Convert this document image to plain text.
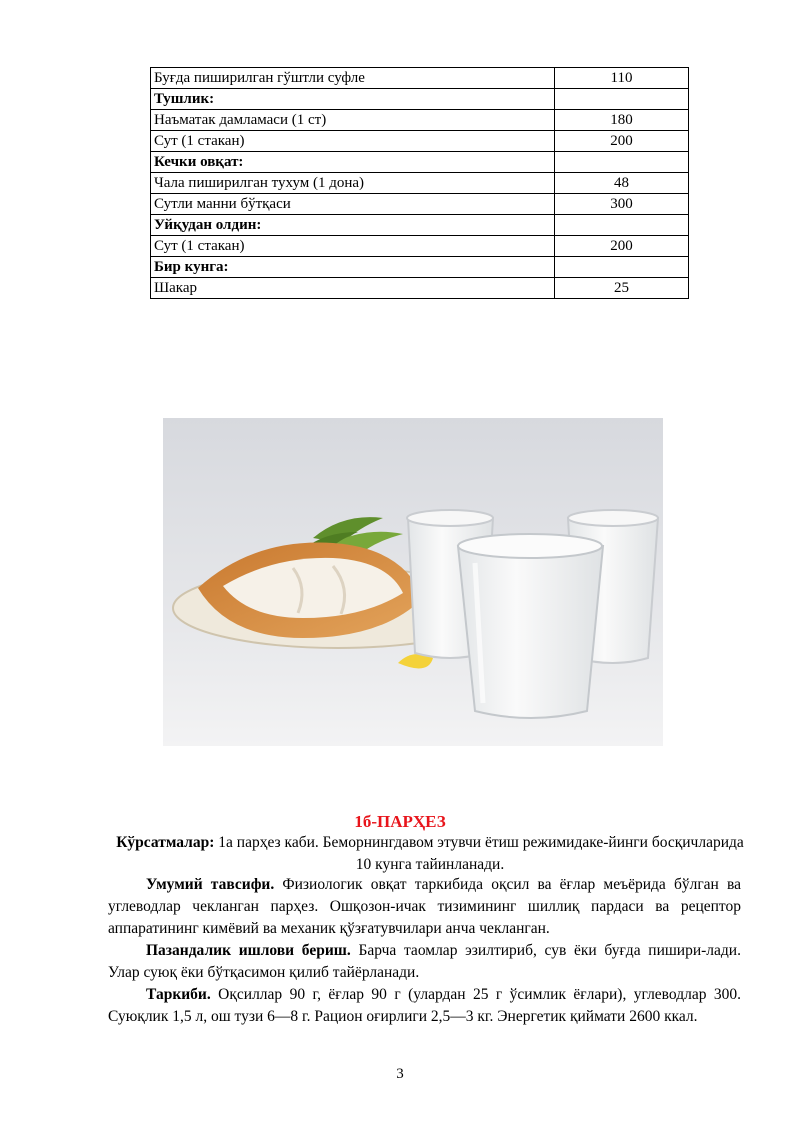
Буғда пиширилган гўштли суфле	110
Тушлик:	
Наъматак дамламаси (1 ст)	180
Сут (1 стакан)	200
Кечки овқат:	
Чала пиширилган тухум (1 дона)	48
Сутли манни бўтқаси	300
Уйқудан олдин:	
Сут (1 стакан)	200
Бир кунга:	
Шакар	25
1б-ПАРҲЕЗ
Кўрсатмалар: 1а парҳез каби. Беморнингдавом этувчи ётиш режимидаке-йинги босқичларида 10 кунга тайинланади.
Умумий тавсифи. Физиологик овқат таркибида оқсил ва ёғлар меъёрида бўлган ва углеводлар чекланган парҳез. Ошқозон-ичак тизимининг шиллиқ пардаси ва рецептор аппаратининг кимёвий ва механик қўзғатувчилари анча чекланган.
Пазандалик ишлови бериш. Барча таомлар эзилтириб, сув ёки буғда пишири-лади. Улар суюқ ёки бўтқасимон қилиб тайёрланади.
Таркиби. Оқсиллар 90 г, ёғлар 90 г (улардан 25 г ўсимлик ёғлари), углеводлар 300. Суюқлик 1,5 л, ош тузи 6—8 г. Рацион оғирлиги 2,5—3 кг. Энергетик қиймати 2600 ккал.
3
